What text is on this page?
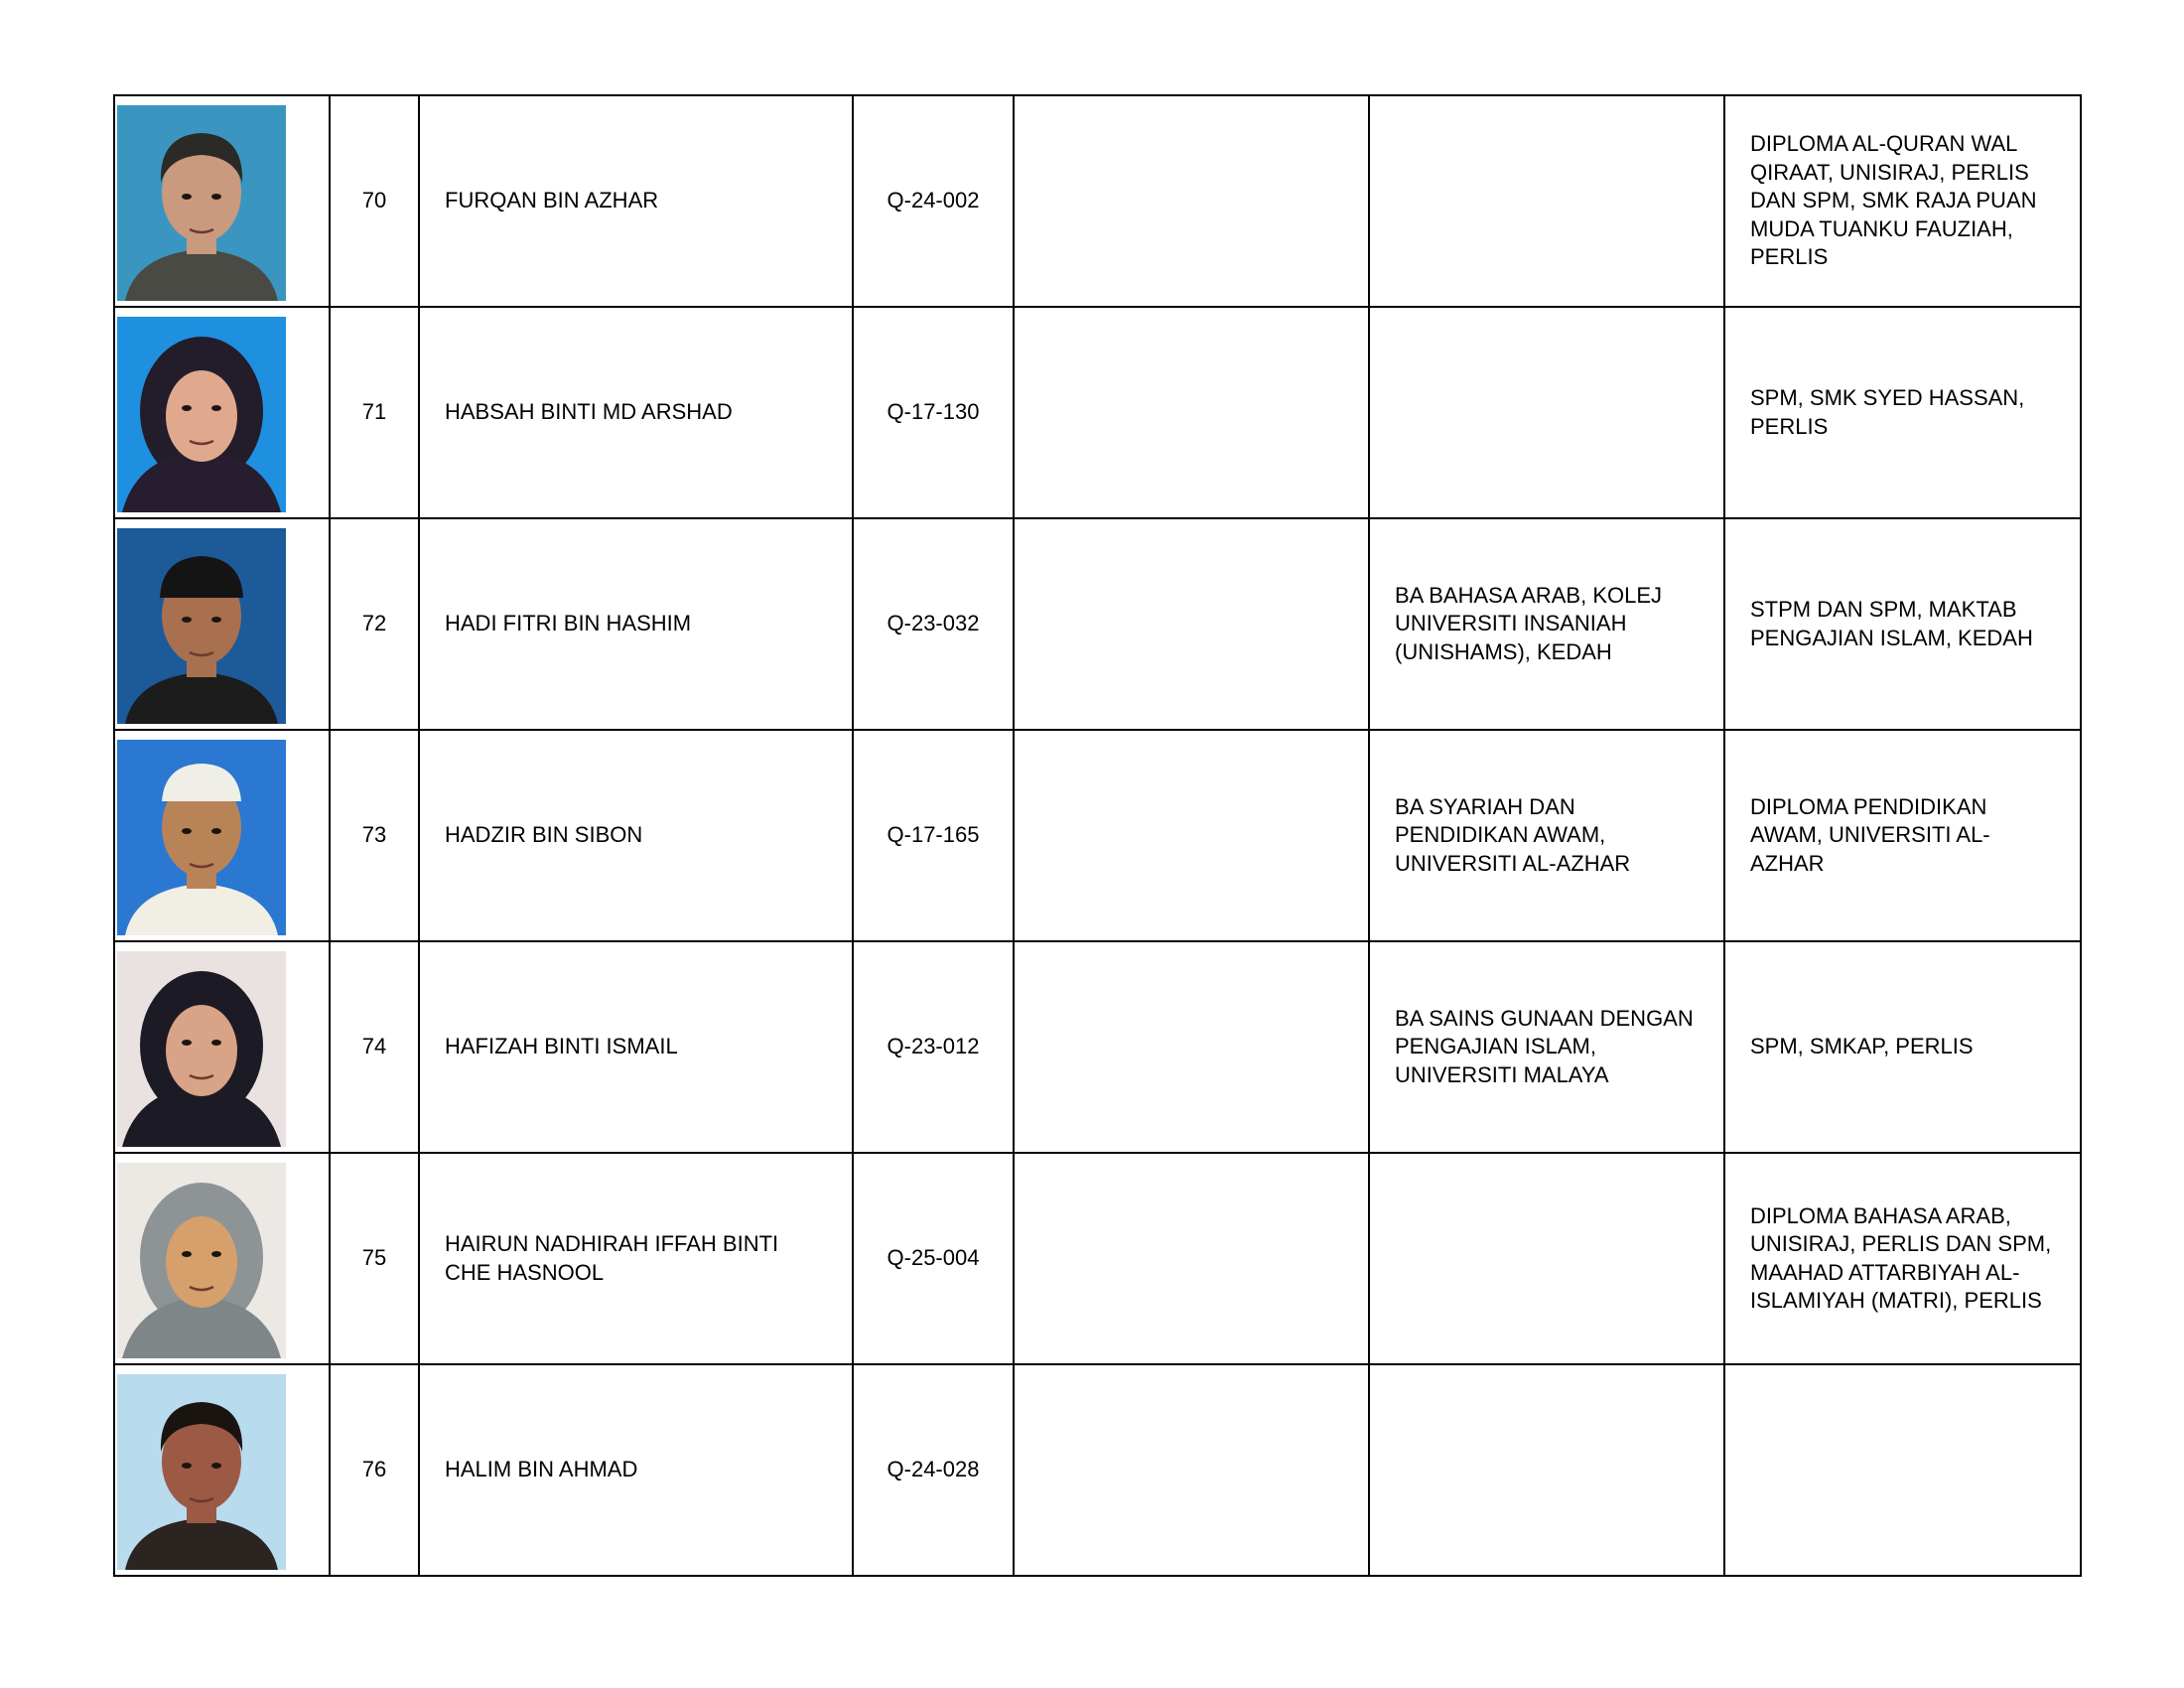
	70	FURQAN BIN AZHAR	Q-24-002			DIPLOMA AL-QURAN WAL QIRAAT, UNISIRAJ, PERLIS DAN SPM, SMK RAJA PUAN MUDA TUANKU FAUZIAH, PERLIS

	71	HABSAH BINTI MD ARSHAD	Q-17-130			SPM, SMK SYED HASSAN, PERLIS

	72	HADI FITRI BIN HASHIM	Q-23-032		BA BAHASA ARAB, KOLEJ UNIVERSITI INSANIAH (UNISHAMS), KEDAH	STPM DAN SPM, MAKTAB PENGAJIAN ISLAM, KEDAH

	73	HADZIR BIN SIBON	Q-17-165		BA SYARIAH DAN PENDIDIKAN AWAM, UNIVERSITI AL-AZHAR	DIPLOMA PENDIDIKAN AWAM, UNIVERSITI AL-AZHAR

	74	HAFIZAH BINTI ISMAIL	Q-23-012		BA SAINS GUNAAN DENGAN PENGAJIAN ISLAM, UNIVERSITI MALAYA	SPM, SMKAP, PERLIS

	75	HAIRUN NADHIRAH IFFAH BINTI CHE HASNOOL	Q-25-004			DIPLOMA BAHASA ARAB, UNISIRAJ, PERLIS DAN SPM, MAAHAD ATTARBIYAH AL-ISLAMIYAH (MATRI), PERLIS

	76	HALIM BIN AHMAD	Q-24-028			
